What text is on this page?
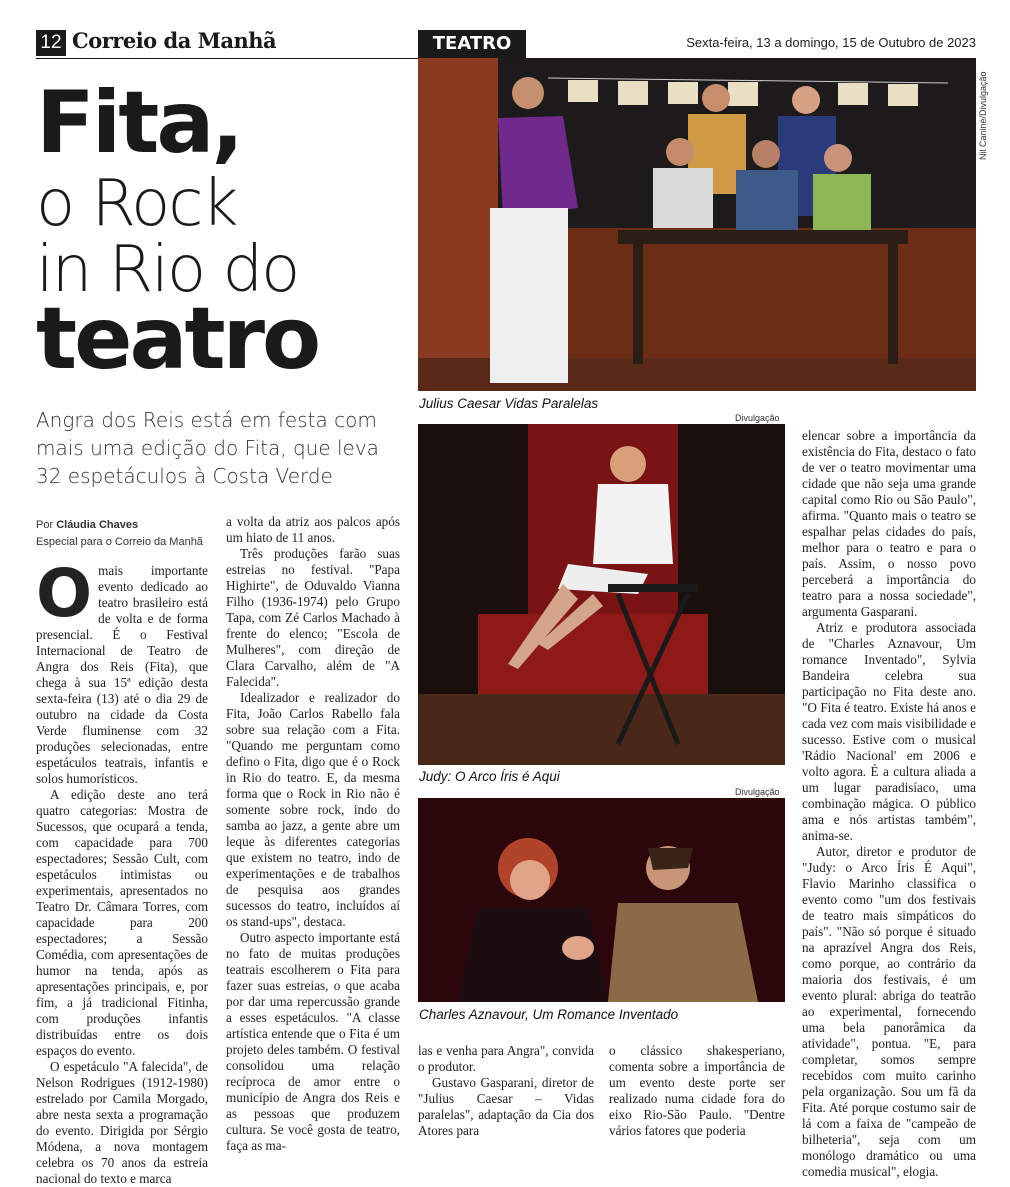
12 Correio da Manhã	TEATRO	Sexta-feira, 13 a domingo, 15 de Outubro de 2023
Fita,
o Rock
in Rio do
teatro
Angra dos Reis está em festa com mais uma edição do Fita, que leva 32 espetáculos à Costa Verde
Por Cláudia Chaves
Especial para o Correio da Manhã
Nil Caniné/Divulgação
Julius Caesar Vidas Paralelas
Divulgação
Judy: O Arco Íris é Aqui
Divulgação
Charles Aznavour, Um Romance Inventado
O mais importante evento dedicado ao teatro brasileiro está de volta e de forma presencial. É o Festival Internacional de Teatro de Angra dos Reis (Fita), que chega à sua 15ª edição desta sexta-feira (13) até o dia 29 de outubro na cidade da Costa Verde fluminense com 32 produções selecionadas, entre espetáculos teatrais, infantis e solos humorísticos.

A edição deste ano terá quatro categorias: Mostra de Sucessos, que ocupará a tenda, com capacidade para 700 espectadores; Sessão Cult, com espetáculos intimistas ou experimentais, apresentados no Teatro Dr. Câmara Torres, com capacidade para 200 espectadores; a Sessão Comédia, com apresentações de humor na tenda, após as apresentações principais, e, por fim, a já tradicional Fitinha, com produções infantis distribuídas entre os dois espaços do evento.

O espetáculo "A falecida", de Nelson Rodrigues (1912-1980) estrelado por Camila Morgado, abre nesta sexta a programação do evento. Dirigida por Sérgio Módena, a nova montagem celebra os 70 anos da estreia nacional do texto e marca

a volta da atriz aos palcos após um hiato de 11 anos.

Três produções farão suas estreias no festival. "Papa Highirte", de Oduvaldo Vianna Filho (1936-1974) pelo Grupo Tapa, com Zé Carlos Machado à frente do elenco; "Escola de Mulheres", com direção de Clara Carvalho, além de "A Falecida".

Idealizador e realizador do Fita, João Carlos Rabello fala sobre sua relação com a Fita. "Quando me perguntam como defino o Fita, digo que é o Rock in Rio do teatro. E, da mesma forma que o Rock in Rio não é somente sobre rock, indo do samba ao jazz, a gente abre um leque às diferentes categorias que existem no teatro, indo de experimentações e de trabalhos de pesquisa aos grandes sucessos do teatro, incluídos aí os stand-ups", destaca.

Outro aspecto importante está no fato de muitas produções teatrais escolherem o Fita para fazer suas estreias, o que acaba por dar uma repercussão grande a esses espetáculos. "A classe artística entende que o Fita é um projeto deles também. O festival consolidou uma relação recíproca de amor entre o município de Angra dos Reis e as pessoas que produzem cultura. Se você gosta de teatro, faça as ma-

las e venha para Angra", convida o produtor.

Gustavo Gasparani, diretor de "Julius Caesar – Vidas paralelas", adaptação da Cia dos Atores para

o clássico shakesperiano, comenta sobre a importância de um evento deste porte ser realizado numa cidade fora do eixo Rio-São Paulo. "Dentre vários fatores que poderia

elencar sobre a importância da existência do Fita, destaco o fato de ver o teatro movimentar uma cidade que não seja uma grande capital como Rio ou São Paulo", afirma. "Quanto mais o teatro se espalhar pelas cidades do país, melhor para o teatro e para o país. Assim, o nosso povo perceberá a importância do teatro para a nossa sociedade", argumenta Gasparani.

Atriz e produtora associada de "Charles Aznavour, Um romance Inventado", Sylvia Bandeira celebra sua participação no Fita deste ano. "O Fita é teatro. Existe há anos e cada vez com mais visibilidade e sucesso. Estive com o musical 'Rádio Nacional' em 2006 e volto agora. É a cultura aliada a um lugar paradisíaco, uma combinação mágica. O público ama e nós artistas também", anima-se.

Autor, diretor e produtor de "Judy: o Arco Íris É Aqui", Flavio Marinho classifica o evento como "um dos festivais de teatro mais simpáticos do país". "Não só porque é situado na aprazível Angra dos Reis, como porque, ao contrário da maioria dos festivais, é um evento plural: abriga do teatrão ao experimental, fornecendo uma bela panorâmica da atividade", pontua. "E, para completar, somos sempre recebidos com muito carinho pela organização. Sou um fã da Fita. Até porque costumo sair de lá com a faixa de "campeão de bilheteria", seja com um monólogo dramático ou uma comedia musical", elogia.
